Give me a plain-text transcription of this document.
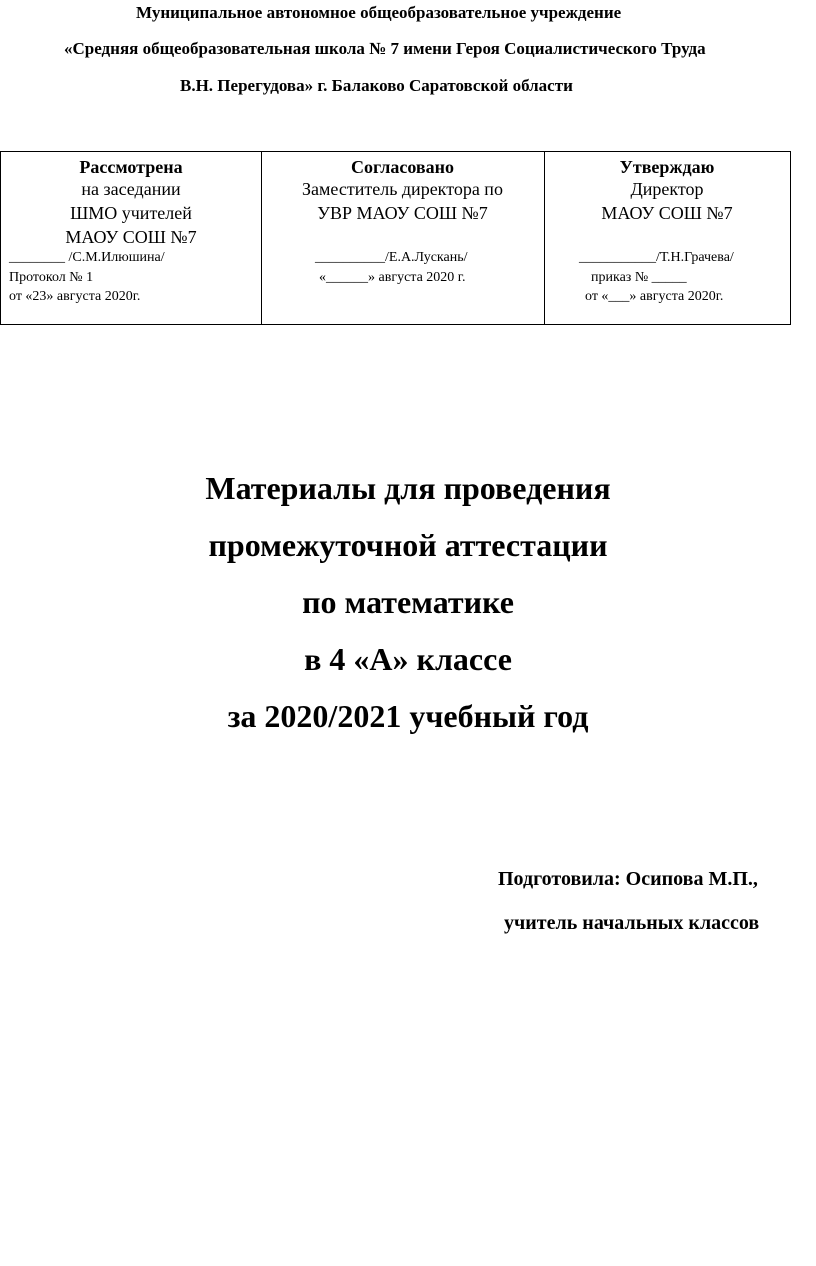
Муниципальное автономное общеобразовательное учреждение
«Средняя общеобразовательная школа № 7 имени Героя Социалистического Труда
В.Н. Перегудова» г. Балаково Саратовской области
Рассмотрена
на заседании
ШМО учителей
МАОУ СОШ №7
________ /С.М.Илюшина/
Протокол № 1
от «23» августа 2020г.
Согласовано
Заместитель директора по
УВР МАОУ СОШ №7
__________/Е.А.Лускань/
«______» августа 2020 г.
Утверждаю
Директор
МАОУ СОШ №7
___________/Т.Н.Грачева/
приказ № _____
от «___» августа 2020г.
Материалы для проведения
промежуточной аттестации
по математике
в 4 «А» классе
за 2020/2021 учебный год
Подготовила: Осипова М.П.,
учитель начальных классов
